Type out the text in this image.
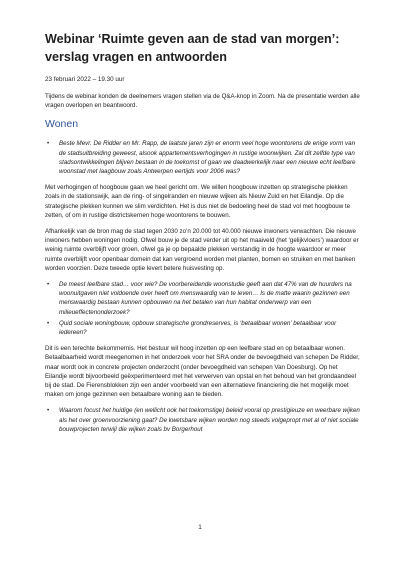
Webinar ‘Ruimte geven aan de stad van morgen’: verslag vragen en antwoorden
23 februari 2022 – 19.30 uur

Tijdens de webinar konden de deelnemers vragen stellen via de Q&A-knop in Zoom. Na de presentatie werden alle vragen overlopen en beantwoord.

Wonen
• Beste Mevr. De Ridder en Mr. Rapp, de laatste jaren zijn er enorm veel hoge woontorens de enige vorm van de stadsuitbreiding geweest, alsook appartementsverhogingen in rustige woonwijken. Zal dit zelfde type van stadsontwikkelingen blijven bestaan in de toekomst of gaan we daadwerkelijk naar een nieuwe echt leefbare woonstad met laagbouw zoals Antwerpen eertijds voor 2006 was?

Met verhogingen of hoogbouw gaan we heel gericht om. We willen hoogbouw inzetten op strategische plekken zoals in de stationswijk, aan de ring- of singelranden en nieuwe wijken als Nieuw Zuid en het Eilandje. Op die strategische plekken kunnen we slim verdichten. Het is dus niet de bedoeling heel de stad vol met hoogbouw te zetten, of om in rustige districtskernen hoge woontorens te bouwen.

Afhankelijk van de bron mag de stad tegen 2030 zo’n 20.000 tot 40.000 nieuwe inwoners verwachten. Die nieuwe inwoners hebben woningen nodig. Ofwel bouw je de stad verder uit op het maaiveld (het ‘gelijkvloers’) waardoor er weinig ruimte overblijft voor groen, ofwel ga je op bepaalde plekken verstandig in de hoogte waardoor er meer ruimte overblijft voor openbaar domein dat kan vergroend worden met planten, bomen en struiken en met banken worden voorzien. Deze tweede optie levert betere huisvesting op.

• De meest leefbare stad… voor wie? De voorbereidende woonstudie geeft aan dat 47% van de huurders na woonuitgaven niet voldoende over heeft om menswaardig van te leven… Is de matte waarin gezinnen een menswaardig bestaan kunnen opbouwen na het betalen van hun habitat onderwerp van een milieueffectenonderzoek?
• Quid sociale woningbouw, opbouw strategische grondreserves, is ‘betaalbaar wonen’ betaalbaar voor iedereen?

Dit is een terechte bekommernis. Het bestuur wil hoog inzetten op een leefbare stad en op betaalbaar wonen. Betaalbaarheid wordt meegenomen in het onderzoek voor het SRA onder de bevoegdheid van schepen De Ridder, maar wordt ook in concrete projecten onderzocht (onder bevoegdheid van schepen Van Doesburg). Op het Eilandje wordt bijvoorbeeld geëxperimenteerd met het verwerven van opstal en het behoud van het grondaandeel bij de stad. De Fierensblokken zijn een ander voorbeeld van een alternatieve financiering die het mogelijk moet maken om jonge gezinnen een betaalbare woning aan te bieden.

• Waarom focust het huidige (en wellicht ook het toekomstige) beleid vooral op prestigieuze en weerbare wijken als het over groenvoorziening gaat? De kwetsbare wijken worden nog steeds volgepropt met al of niet sociale bouwprojecten terwijl die wijken zoals bv Borgerhout
1
